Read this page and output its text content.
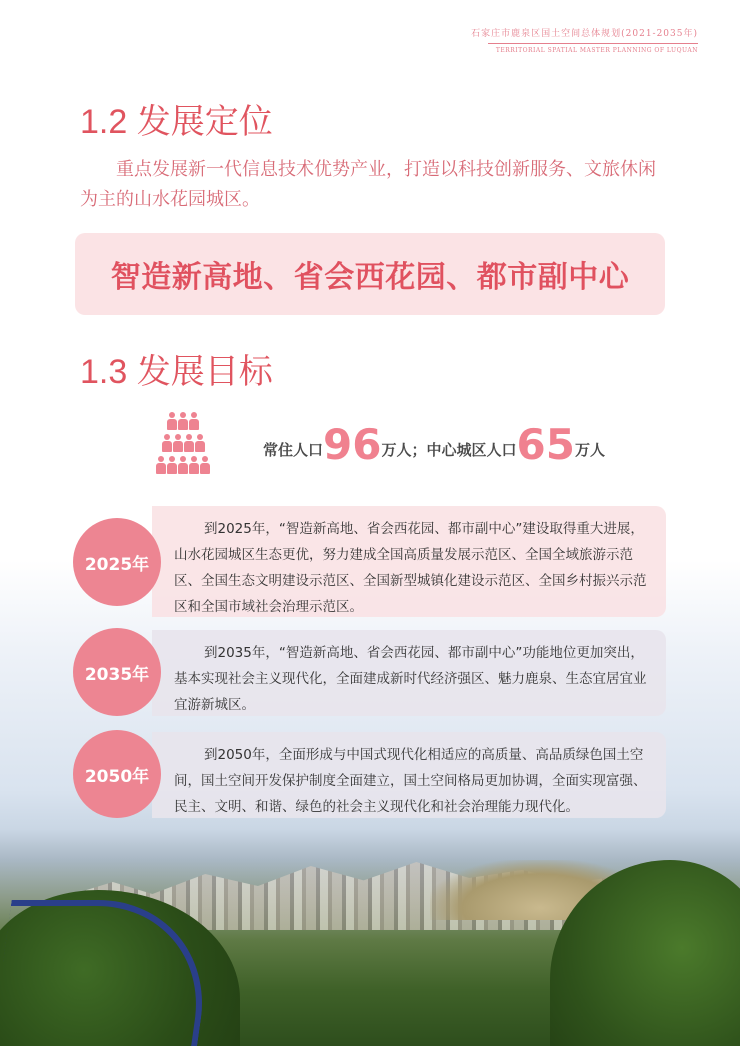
石家庄市鹿泉区国土空间总体规划(2021-2035年)
TERRITORIAL SPATIAL MASTER PLANNING OF LUQUAN
1.2 发展定位
重点发展新一代信息技术优势产业，打造以科技创新服务、文旅休闲为主的山水花园城区。
智造新高地、省会西花园、都市副中心
1.3 发展目标
常住人口96万人；中心城区人口65万人
到2025年，“智造新高地、省会西花园、都市副中心”建设取得重大进展，山水花园城区生态更优，努力建成全国高质量发展示范区、全国全域旅游示范区、全国生态文明建设示范区、全国新型城镇化建设示范区、全国乡村振兴示范区和全国市域社会治理示范区。
2025年
到2035年，“智造新高地、省会西花园、都市副中心”功能地位更加突出，基本实现社会主义现代化，全面建成新时代经济强区、魅力鹿泉、生态宜居宜业宜游新城区。
2035年
到2050年，全面形成与中国式现代化相适应的高质量、高品质绿色国土空间，国土空间开发保护制度全面建立，国土空间格局更加协调，全面实现富强、民主、文明、和谐、绿色的社会主义现代化和社会治理能力现代化。
2050年
